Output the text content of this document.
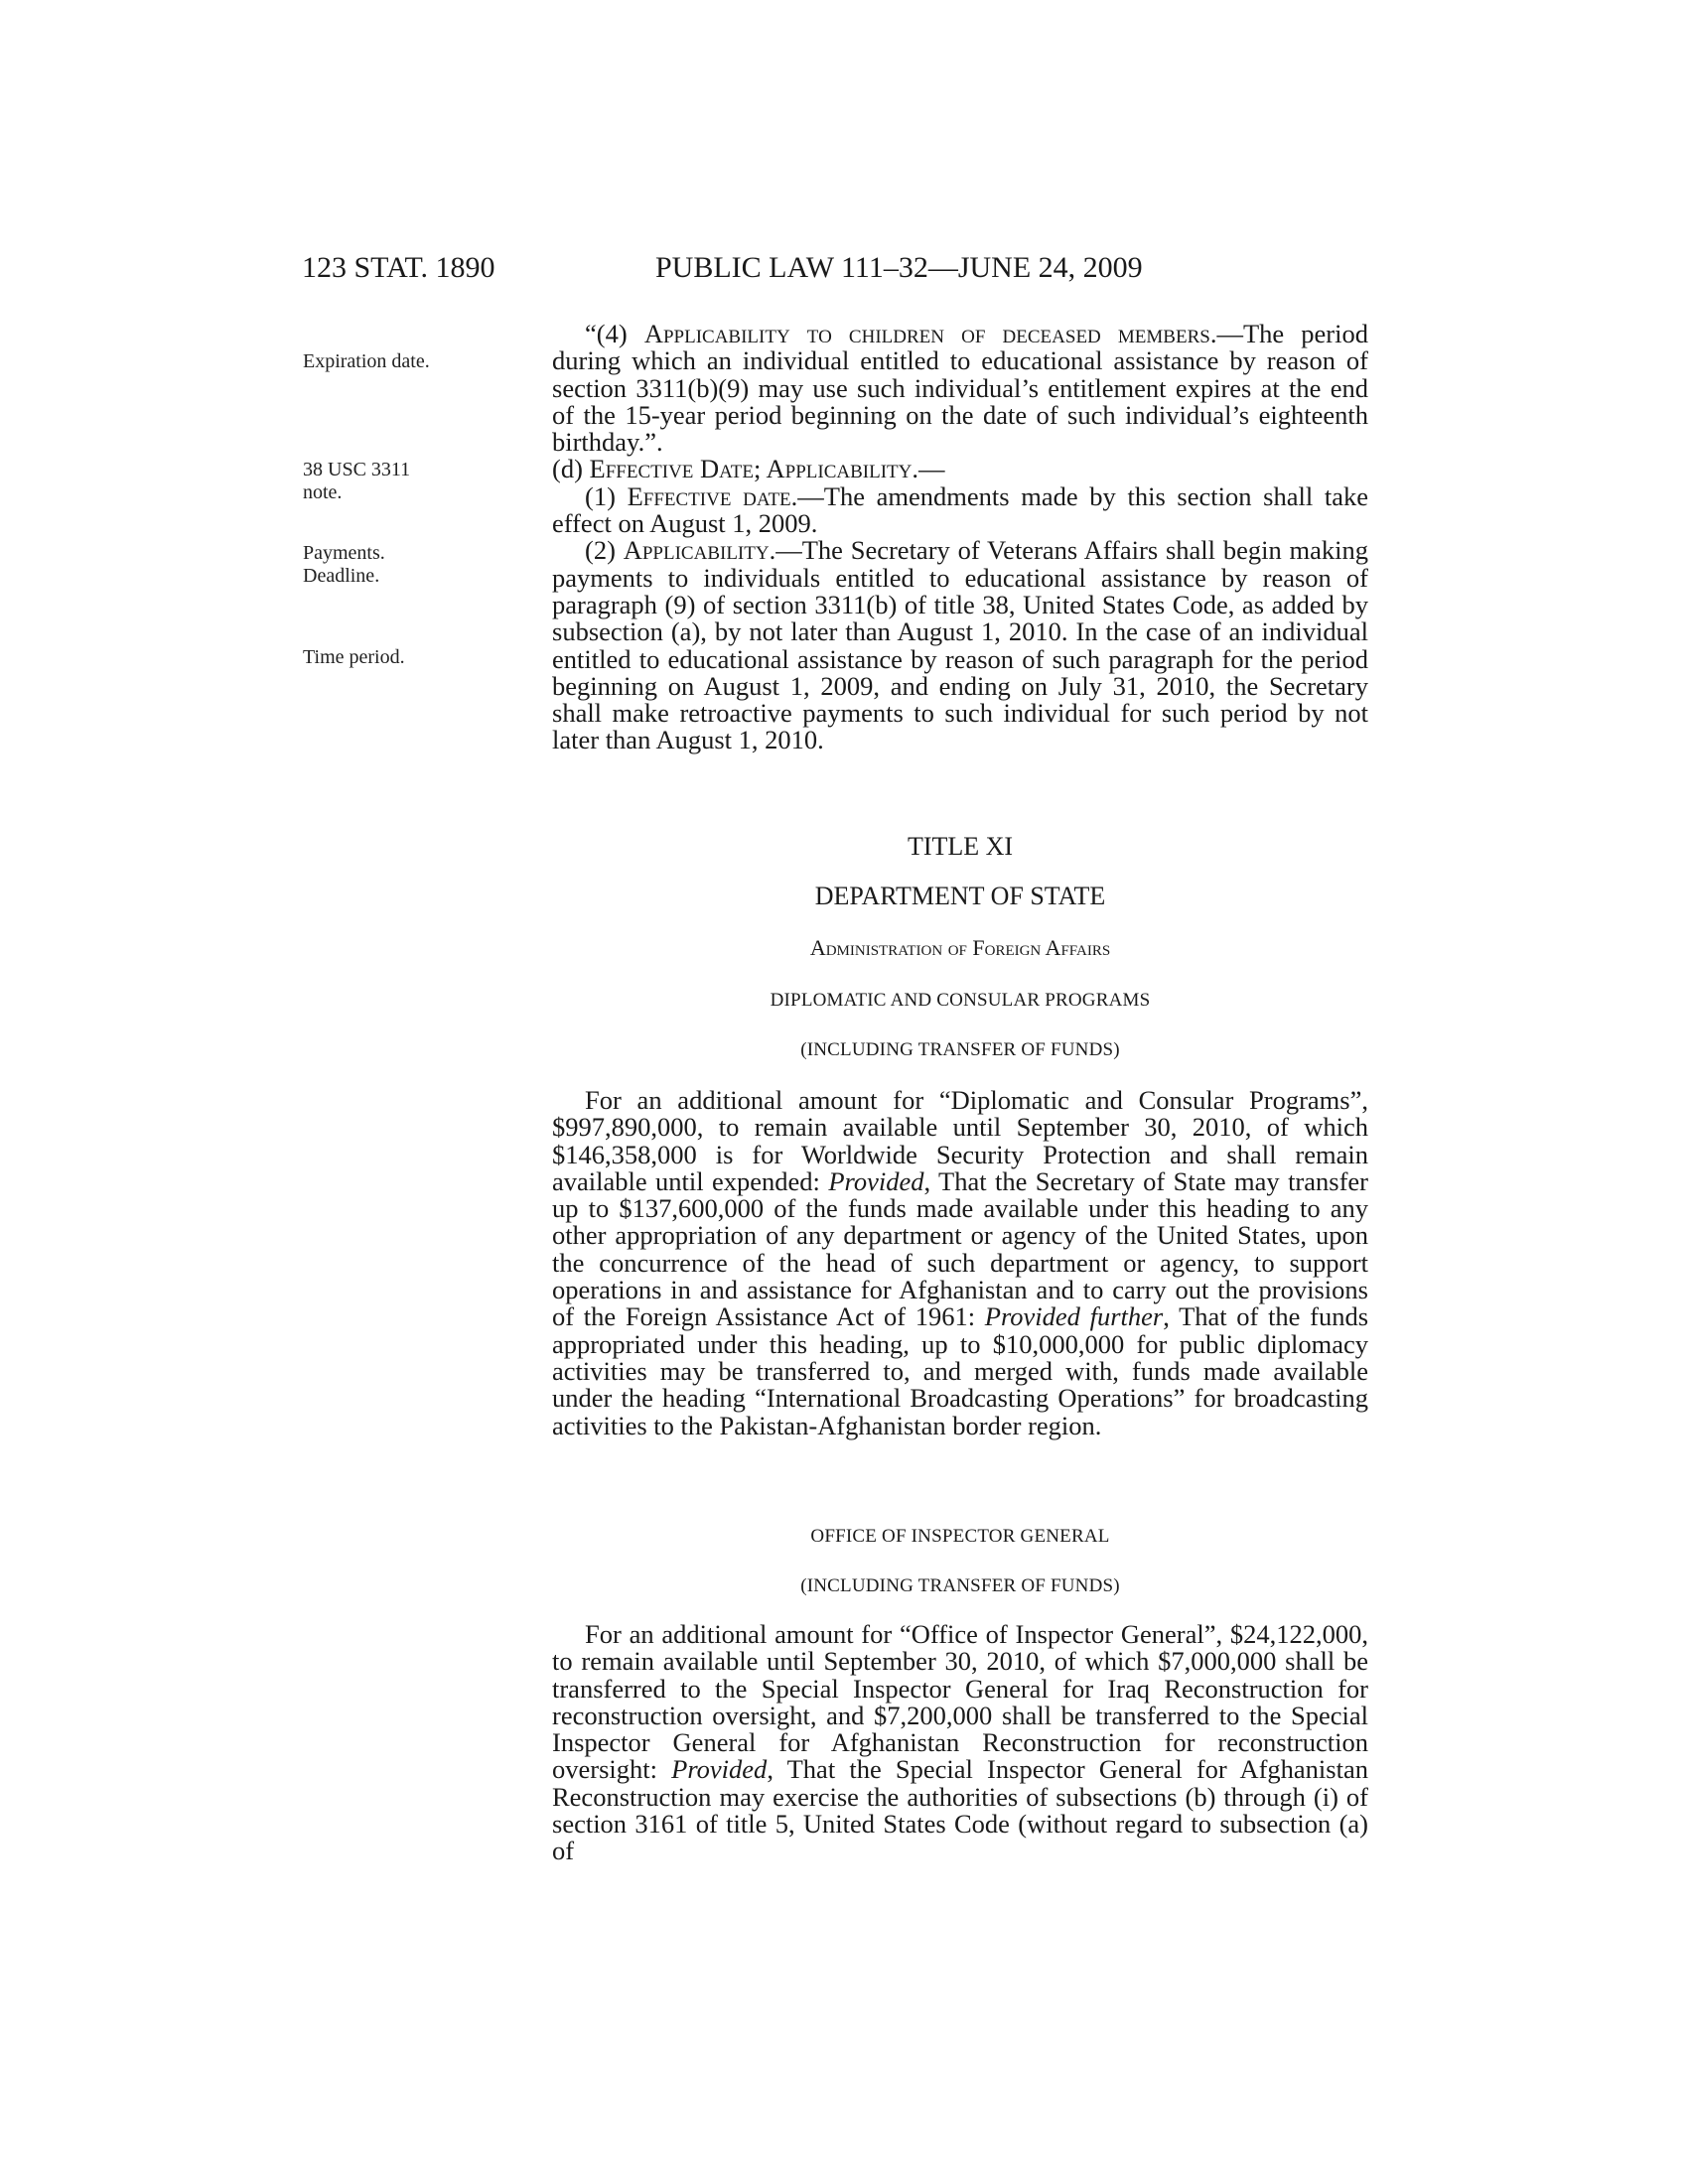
123 STAT. 1890	PUBLIC LAW 111–32—JUNE 24, 2009
Expiration date.
38 USC 3311
note.
Payments.
Deadline.
Time period.

“(4) Applicability to children of deceased members.—The period during which an individual entitled to educational assistance by reason of section 3311(b)(9) may use such individual’s entitlement expires at the end of the 15-year period beginning on the date of such individual’s eighteenth birthday.”.

(d) Effective Date; Applicability.—

(1) Effective date.—The amendments made by this section shall take effect on August 1, 2009.

(2) Applicability.—The Secretary of Veterans Affairs shall begin making payments to individuals entitled to educational assistance by reason of paragraph (9) of section 3311(b) of title 38, United States Code, as added by subsection (a), by not later than August 1, 2010. In the case of an individual entitled to educational assistance by reason of such paragraph for the period beginning on August 1, 2009, and ending on July 31, 2010, the Secretary shall make retroactive payments to such individual for such period by not later than August 1, 2010.

TITLE XI
DEPARTMENT OF STATE
Administration of Foreign Affairs
DIPLOMATIC AND CONSULAR PROGRAMS
(INCLUDING TRANSFER OF FUNDS)

For an additional amount for “Diplomatic and Consular Programs”, $997,890,000, to remain available until September 30, 2010, of which $146,358,000 is for Worldwide Security Protection and shall remain available until expended: Provided, That the Secretary of State may transfer up to $137,600,000 of the funds made available under this heading to any other appropriation of any department or agency of the United States, upon the concurrence of the head of such department or agency, to support operations in and assistance for Afghanistan and to carry out the provisions of the Foreign Assistance Act of 1961: Provided further, That of the funds appropriated under this heading, up to $10,000,000 for public diplomacy activities may be transferred to, and merged with, funds made available under the heading “International Broadcasting Operations” for broadcasting activities to the Pakistan-Afghanistan border region.

OFFICE OF INSPECTOR GENERAL
(INCLUDING TRANSFER OF FUNDS)

For an additional amount for “Office of Inspector General”, $24,122,000, to remain available until September 30, 2010, of which $7,000,000 shall be transferred to the Special Inspector General for Iraq Reconstruction for reconstruction oversight, and $7,200,000 shall be transferred to the Special Inspector General for Afghanistan Reconstruction for reconstruction oversight: Provided, That the Special Inspector General for Afghanistan Reconstruction may exercise the authorities of subsections (b) through (i) of section 3161 of title 5, United States Code (without regard to subsection (a) of
